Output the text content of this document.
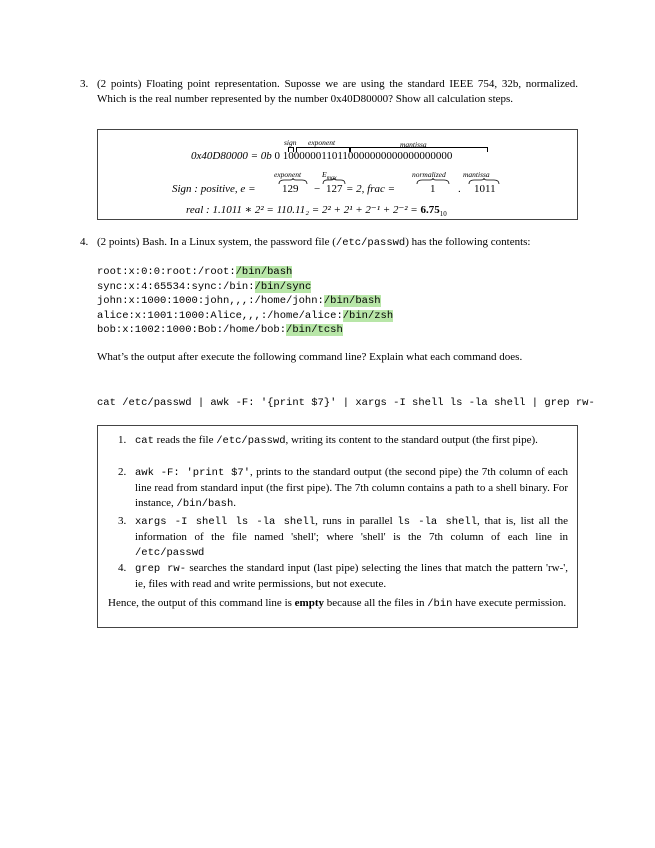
3. (2 points) Floating point representation. Suposse we are using the standard IEEE 754, 32b, normalized. Which is the real number represented by the number 0x40D80000? Show all calculation steps.
sign exponent	mantissa
0x40D80000 = 0b 0 1000000110110000000000000000000
exponent	$E_{max}$	normalized mantissa
Sign : positive, e = 129 − 127 = 2, frac =	1 . 1011
real : 1.1011 ∗ $2^2 = 110.11_2 = 2^2 + 2^1 + 2^{-1} + 2^{-2} = 6.75_{10}$
4. (2 points) Bash. In a Linux system, the password file (/etc/passwd) has the following contents:
root:x:0:0:root:/root:/bin/bash
sync:x:4:65534:sync:/bin:/bin/sync
john:x:1000:1000:john,,,:/home/john:/bin/bash
alice:x:1001:1000:Alice,,,:/home/alice:/bin/zsh
bob:x:1002:1000:Bob:/home/bob:/bin/tcsh
What’s the output after execute the following command line? Explain what each command does.
cat /etc/passwd | awk -F: '{print $7}' | xargs -I shell ls -la shell | grep rw-
1. cat reads the file /etc/passwd, writing its content to the standard output (the first pipe).
2. awk -F: 'print $7', prints to the standard output (the second pipe) the 7th column of each line read from standard input (the first pipe). The 7th column contains a path to a shell binary. For instance, /bin/bash.
3. xargs -I shell ls -la shell, runs in parallel ls -la shell, that is, list all the information of the file named 'shell'; where 'shell' is the 7th column of each line in /etc/passwd
4. grep rw- searches the standard input (last pipe) selecting the lines that match the pattern 'rw-', ie, files with read and write permissions, but not execute.
Hence, the output of this command line is empty because all the files in /bin have execute permission.
